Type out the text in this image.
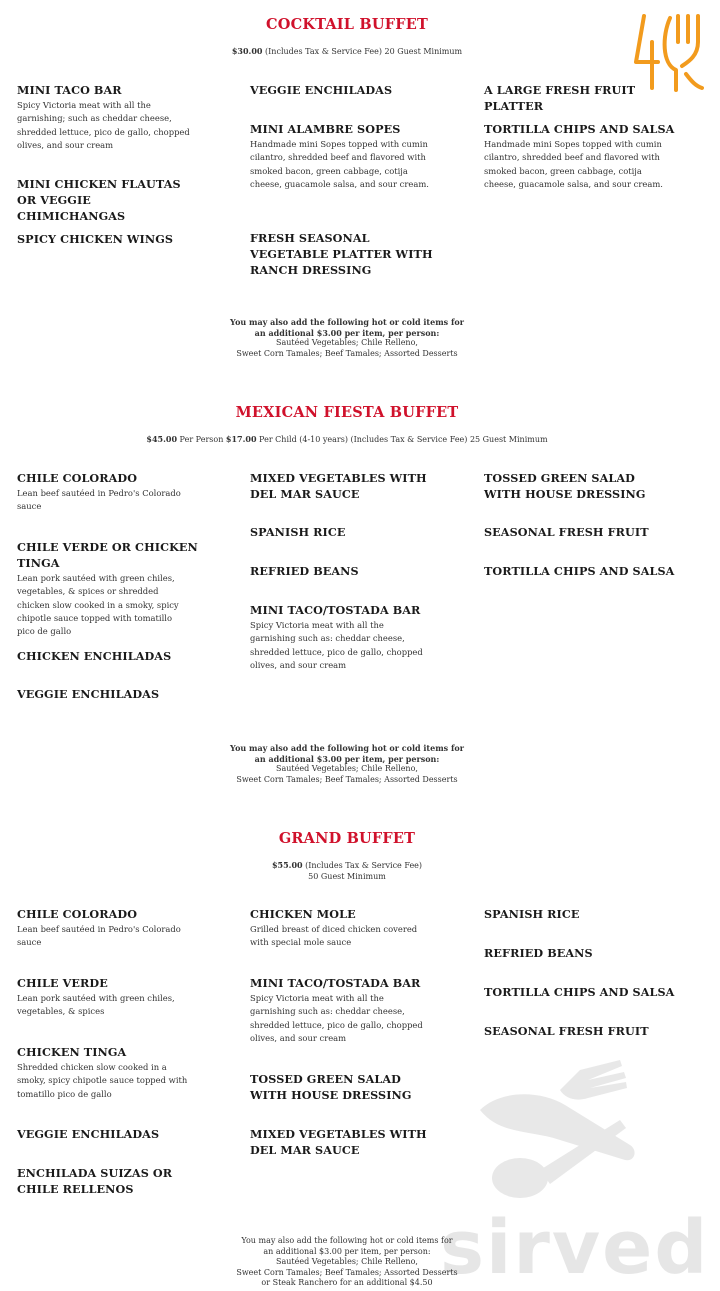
COCKTAIL BUFFET
$30.00 (Includes Tax & Service Fee) 20 Guest Minimum

MINI TACO BAR

Spicy Victoria meat with all the garnishing; such as cheddar cheese, shredded lettuce, pico de gallo, chopped olives, and sour cream

MINI CHICKEN FLAUTAS OR VEGGIE CHIMICHANGAS

SPICY CHICKEN WINGS

VEGGIE ENCHILADAS

MINI ALAMBRE SOPES

Handmade mini Sopes topped with cumin cilantro, shredded beef and flavored with smoked bacon, green cabbage, cotija cheese, guacamole salsa, and sour cream.

FRESH SEASONAL VEGETABLE PLATTER WITH RANCH DRESSING

A LARGE FRESH FRUIT PLATTER

TORTILLA CHIPS AND SALSA

Handmade mini Sopes topped with cumin cilantro, shredded beef and flavored with smoked bacon, green cabbage, cotija cheese, guacamole salsa, and sour cream.

You may also add the following hot or cold items for
an additional $3.00 per item, per person:
Sautéed Vegetables; Chile Relleno,
Sweet Corn Tamales; Beef Tamales; Assorted Desserts
MEXICAN FIESTA BUFFET
$45.00 Per Person $17.00 Per Child (4-10 years) (Includes Tax & Service Fee) 25 Guest Minimum

CHILE COLORADO

Lean beef sautéed in Pedro's Colorado sauce

CHILE VERDE OR CHICKEN TINGA

Lean pork sautéed with green chiles, vegetables, & spices or shredded chicken slow cooked in a smoky, spicy chipotle sauce topped with tomatillo pico de gallo

CHICKEN ENCHILADAS

VEGGIE ENCHILADAS

MIXED VEGETABLES WITH DEL MAR SAUCE

SPANISH RICE

REFRIED BEANS

MINI TACO/TOSTADA BAR

Spicy Victoria meat with all the garnishing such as: cheddar cheese, shredded lettuce, pico de gallo, chopped olives, and sour cream

TOSSED GREEN SALAD WITH HOUSE DRESSING

SEASONAL FRESH FRUIT

TORTILLA CHIPS AND SALSA

You may also add the following hot or cold items for
an additional $3.00 per item, per person:
Sautéed Vegetables; Chile Relleno,
Sweet Corn Tamales; Beef Tamales; Assorted Desserts
GRAND BUFFET
$55.00 (Includes Tax & Service Fee)
50 Guest Minimum

CHILE COLORADO

Lean beef sautéed in Pedro's Colorado sauce

CHILE VERDE

Lean pork sautéed with green chiles, vegetables, & spices

CHICKEN TINGA

Shredded chicken slow cooked in a smoky, spicy chipotle sauce topped with tomatillo pico de gallo

VEGGIE ENCHILADAS

ENCHILADA SUIZAS OR CHILE RELLENOS

CHICKEN MOLE

Grilled breast of diced chicken covered with special mole sauce

MINI TACO/TOSTADA BAR

Spicy Victoria meat with all the garnishing such as: cheddar cheese, shredded lettuce, pico de gallo, chopped olives, and sour cream

TOSSED GREEN SALAD WITH HOUSE DRESSING

MIXED VEGETABLES WITH DEL MAR SAUCE

SPANISH RICE

REFRIED BEANS

TORTILLA CHIPS AND SALSA

SEASONAL FRESH FRUIT

sirved
You may also add the following hot or cold items for
an additional $3.00 per item, per person:
Sautéed Vegetables; Chile Relleno,
Sweet Corn Tamales; Beef Tamales; Assorted Desserts
or Steak Ranchero for an additional $4.50
